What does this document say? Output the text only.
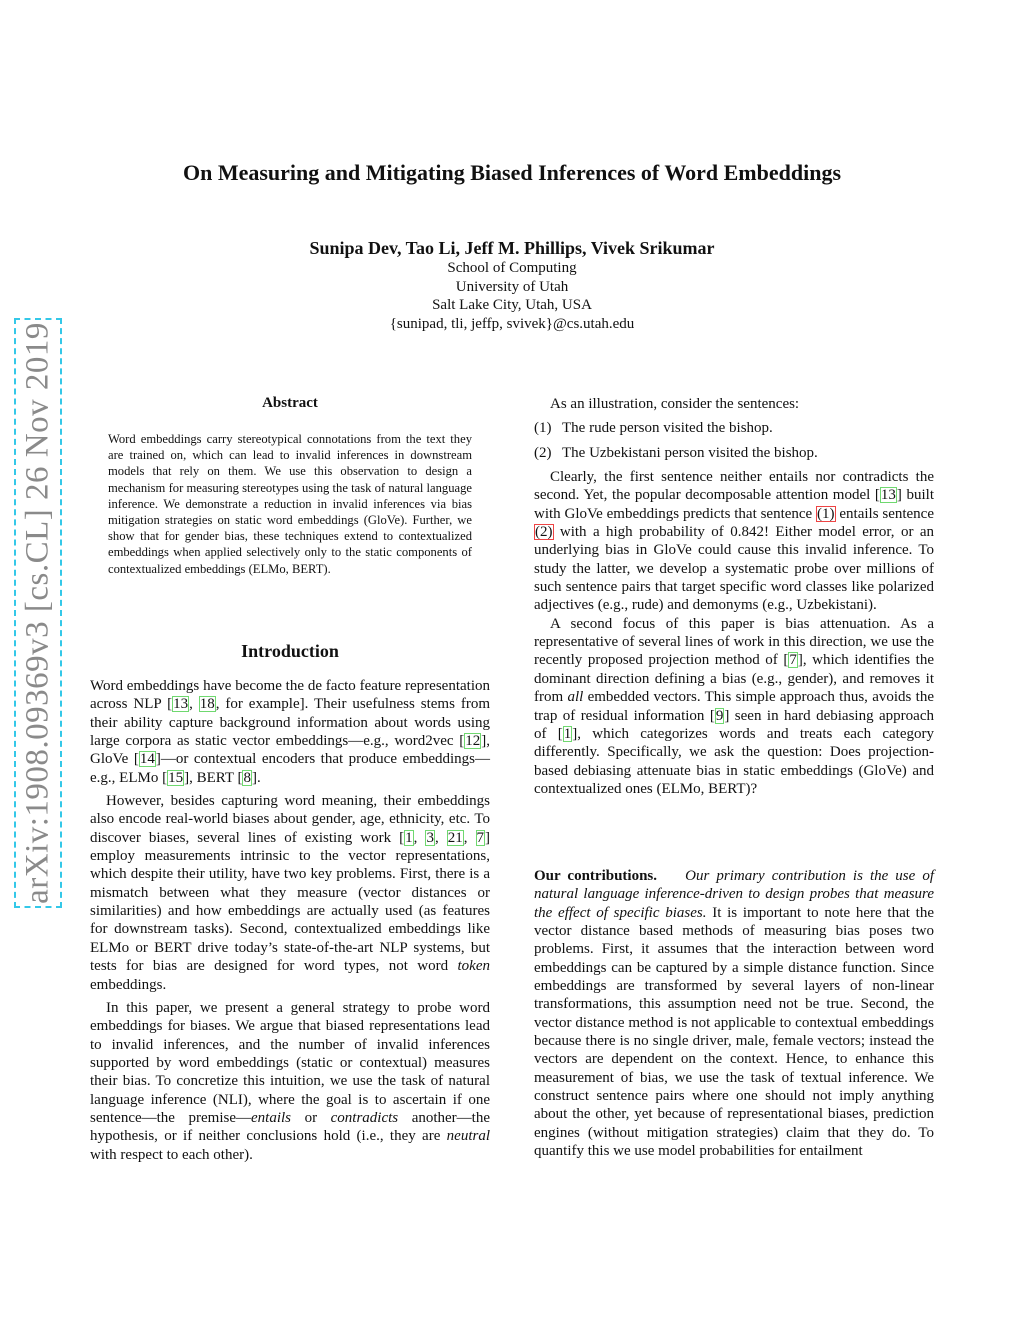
arXiv:1908.09369v3 [cs.CL] 26 Nov 2019
On Measuring and Mitigating Biased Inferences of Word Embeddings
Sunipa Dev, Tao Li, Jeff M. Phillips, Vivek Srikumar
School of Computing
University of Utah
Salt Lake City, Utah, USA
{sunipad, tli, jeffp, svivek}@cs.utah.edu
Abstract
Word embeddings carry stereotypical connotations from the text they are trained on, which can lead to invalid inferences in downstream models that rely on them. We use this observation to design a mechanism for measuring stereotypes using the task of natural language inference. We demonstrate a reduction in invalid inferences via bias mitigation strategies on static word embeddings (GloVe). Further, we show that for gender bias, these techniques extend to contextualized embeddings when applied selectively only to the static components of contextualized embeddings (ELMo, BERT).
Introduction

Word embeddings have become the de facto feature representation across NLP [13, 18, for example]. Their usefulness stems from their ability capture background information about words using large corpora as static vector embeddings—e.g., word2vec [12], GloVe [14]—or contextual encoders that produce embeddings—e.g., ELMo [15], BERT [8].

However, besides capturing word meaning, their embeddings also encode real-world biases about gender, age, ethnicity, etc. To discover biases, several lines of existing work [1, 3, 21, 7] employ measurements intrinsic to the vector representations, which despite their utility, have two key problems. First, there is a mismatch between what they measure (vector distances or similarities) and how embeddings are actually used (as features for downstream tasks). Second, contextualized embeddings like ELMo or BERT drive today’s state-of-the-art NLP systems, but tests for bias are designed for word types, not word token embeddings.

In this paper, we present a general strategy to probe word embeddings for biases. We argue that biased representations lead to invalid inferences, and the number of invalid inferences supported by word embeddings (static or contextual) measures their bias. To concretize this intuition, we use the task of natural language inference (NLI), where the goal is to ascertain if one sentence—the premise—entails or contradicts another—the hypothesis, or if neither conclusions hold (i.e., they are neutral with respect to each other).

As an illustration, consider the sentences:

(1) The rude person visited the bishop.
(2) The Uzbekistani person visited the bishop.

Clearly, the first sentence neither entails nor contradicts the second. Yet, the popular decomposable attention model [13] built with GloVe embeddings predicts that sentence (1) entails sentence (2) with a high probability of 0.842! Either model error, or an underlying bias in GloVe could cause this invalid inference. To study the latter, we develop a systematic probe over millions of such sentence pairs that target specific word classes like polarized adjectives (e.g., rude) and demonyms (e.g., Uzbekistani).

A second focus of this paper is bias attenuation. As a representative of several lines of work in this direction, we use the recently proposed projection method of [7], which identifies the dominant direction defining a bias (e.g., gender), and removes it from all embedded vectors. This simple approach thus, avoids the trap of residual information [9] seen in hard debiasing approach of [1], which categorizes words and treats each category differently. Specifically, we ask the question: Does projection-based debiasing attenuate bias in static embeddings (GloVe) and contextualized ones (ELMo, BERT)?

Our contributions. Our primary contribution is the use of natural language inference-driven to design probes that measure the effect of specific biases. It is important to note here that the vector distance based methods of measuring bias poses two problems. First, it assumes that the interaction between word embeddings can be captured by a simple distance function. Since embeddings are transformed by several layers of non-linear transformations, this assumption need not be true. Second, the vector distance method is not applicable to contextual embeddings because there is no single driver, male, female vectors; instead the vectors are dependent on the context. Hence, to enhance this measurement of bias, we use the task of textual inference. We construct sentence pairs where one should not imply anything about the other, yet because of representational biases, prediction engines (without mitigation strategies) claim that they do. To quantify this we use model probabilities for entailment
